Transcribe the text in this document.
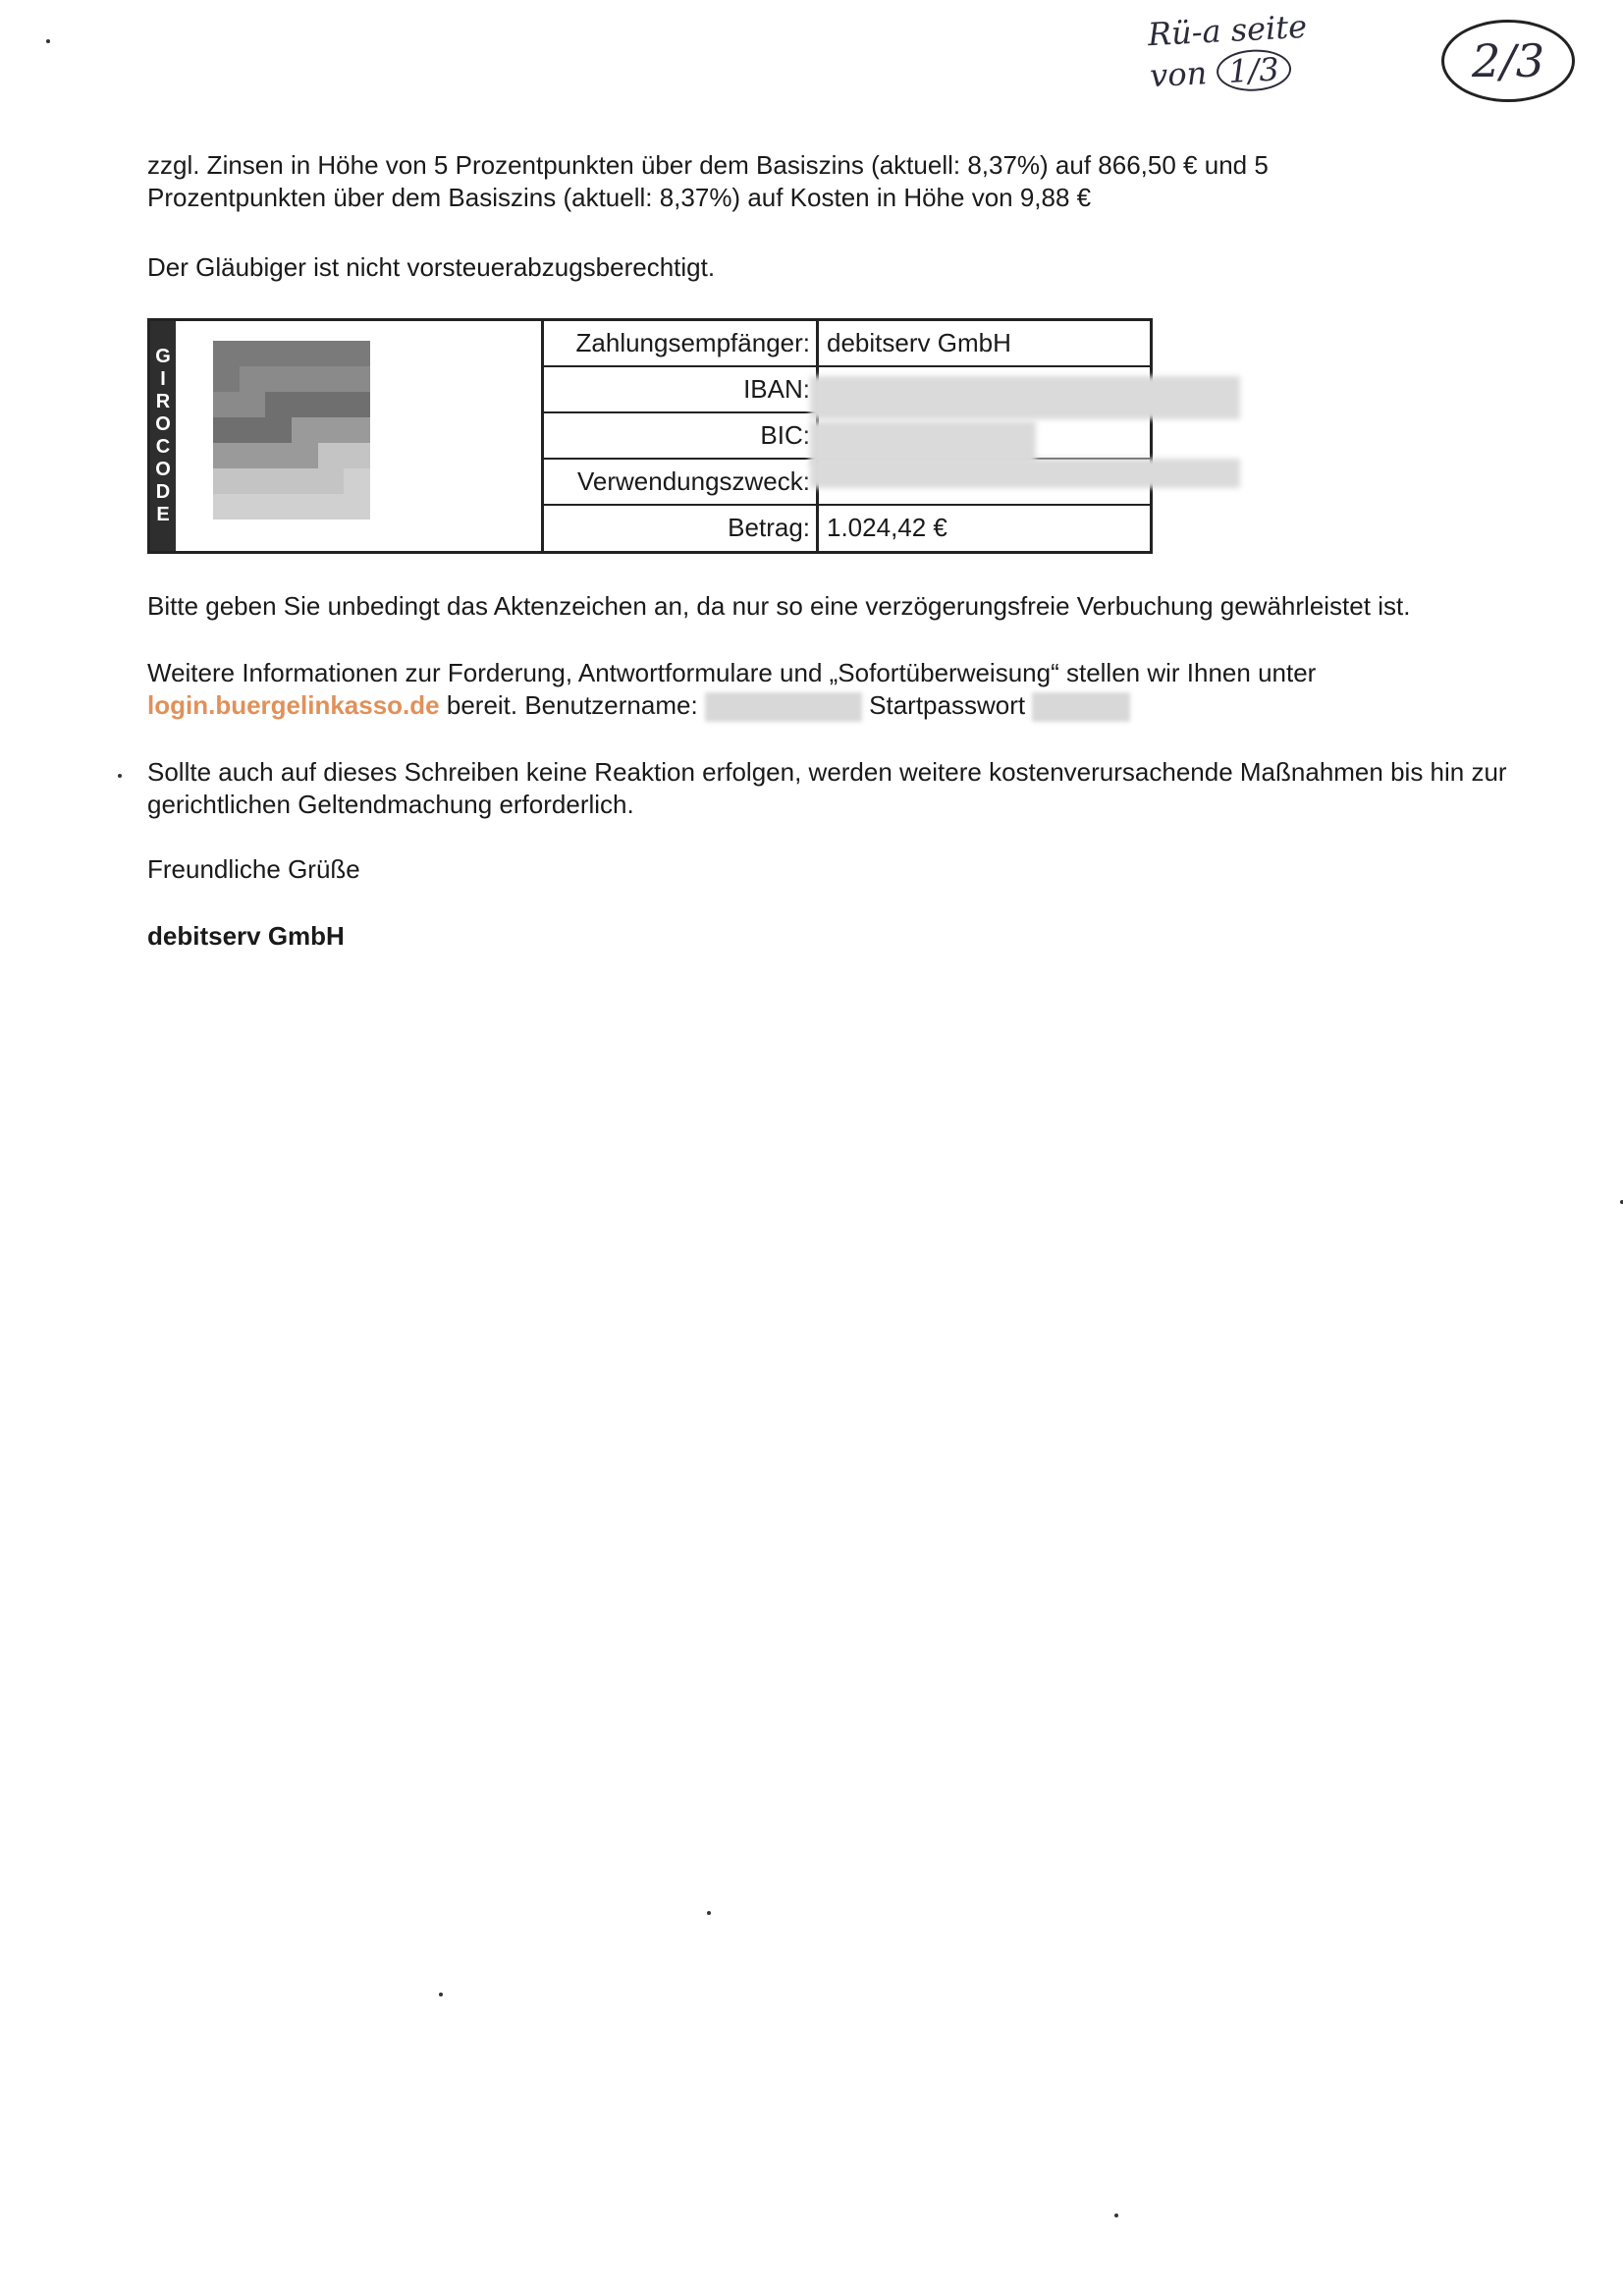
Rü-a seite
von 1/3	2/3

zzgl. Zinsen in Höhe von 5 Prozentpunkten über dem Basiszins (aktuell: 8,37%) auf 866,50 € und 5 Prozentpunkten über dem Basiszins (aktuell: 8,37%) auf Kosten in Höhe von 9,88 €

Der Gläubiger ist nicht vorsteuerabzugsberechtigt.

G
I
R
O
C
O
D
E
Zahlungsempfänger: debitserv GmbH
IBAN:
BIC:
Verwendungszweck:
Betrag: 1.024,42 €

Bitte geben Sie unbedingt das Aktenzeichen an, da nur so eine verzögerungsfreie Verbuchung gewährleistet ist.

Weitere Informationen zur Forderung, Antwortformulare und „Sofortüberweisung“ stellen wir Ihnen unter
login.buergelinkasso.de bereit. Benutzername:	Startpasswort

Sollte auch auf dieses Schreiben keine Reaktion erfolgen, werden weitere kostenverursachende Maßnahmen bis hin zur gerichtlichen Geltendmachung erforderlich.

Freundliche Grüße

debitserv GmbH
